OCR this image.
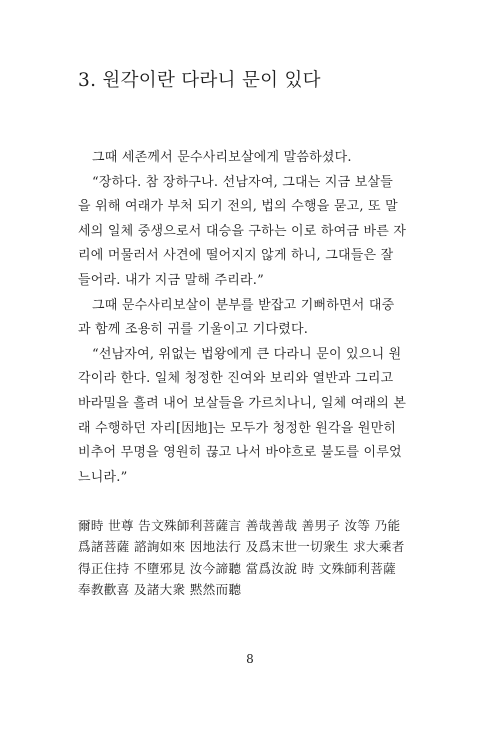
3. 원각이란 다라니 문이 있다
그때 세존께서 문수사리보살에게 말씀하셨다.
“장하다. 참 장하구나. 선남자여, 그대는 지금 보살들
을 위해 여래가 부처 되기 전의, 법의 수행을 묻고, 또 말
세의 일체 중생으로서 대승을 구하는 이로 하여금 바른 자
리에 머물러서 사견에 떨어지지 않게 하니, 그대들은 잘
들어라. 내가 지금 말해 주리라.”
그때 문수사리보살이 분부를 받잡고 기뻐하면서 대중
과 함께 조용히 귀를 기울이고 기다렸다.
“선남자여, 위없는 법왕에게 큰 다라니 문이 있으니 원
각이라 한다. 일체 청정한 진여와 보리와 열반과 그리고
바라밀을 흘려 내어 보살들을 가르치나니, 일체 여래의 본
래 수행하던 자리[因地]는 모두가 청정한 원각을 원만히
비추어 무명을 영원히 끊고 나서 바야흐로 불도를 이루었
느니라.”
爾時 世尊 告文殊師利菩薩言 善哉善哉 善男子 汝等 乃能
爲諸菩薩 諮詢如來 因地法行 及爲末世一切衆生 求大乘者
得正住持 不墮邪見 汝今諦聽 當爲汝說 時 文殊師利菩薩
奉教歡喜 及諸大衆 黙然而聽
8
